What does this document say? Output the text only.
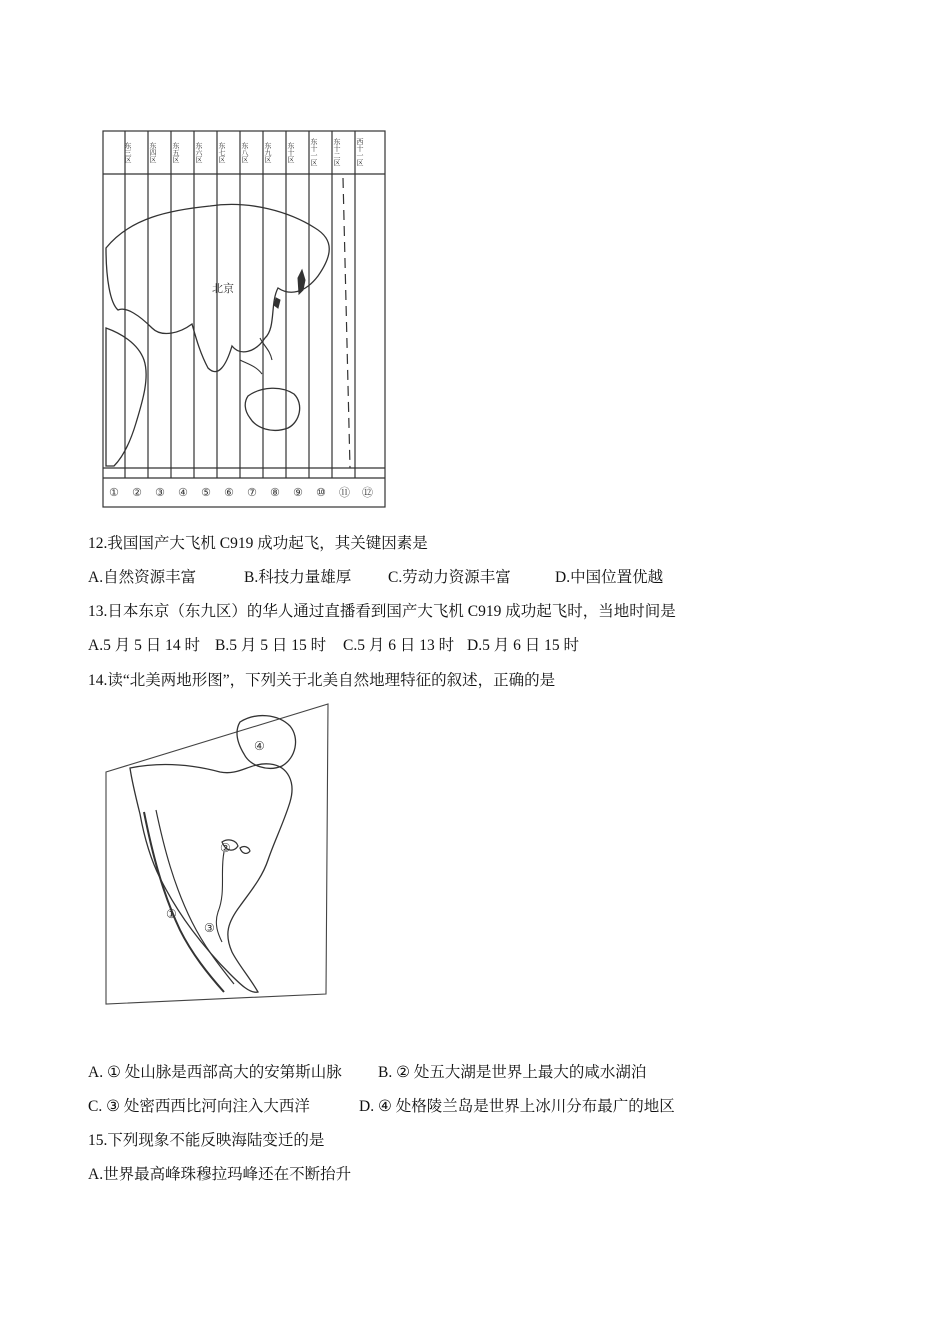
北京
东三区 东四区 东五区 东六区 东七区 东八区 东九区 东十区 东十一区 东十二区 西十一区
① ② ③ ④ ⑤ ⑥ ⑦ ⑧ ⑨ ⑩ ⑪ ⑫
12.我国国产大飞机 C919 成功起飞，其关键因素是
A.自然资源丰富	B.科技力量雄厚 C.劳动力资源丰富	D.中国位置优越
13.日本东京（东九区）的华人通过直播看到国产大飞机 C919 成功起飞时，当地时间是
A.5 月 5 日 14 时 B.5 月 5 日 15 时 C.5 月 6 日 13 时 D.5 月 6 日 15 时
14.读“北美两地形图”，下列关于北美自然地理特征的叙述，正确的是
①
②
③
④
A. ① 处山脉是西部高大的安第斯山脉 B. ② 处五大湖是世界上最大的咸水湖泊
C. ③ 处密西西比河向注入大西洋	D. ④ 处格陵兰岛是世界上冰川分布最广的地区
15.下列现象不能反映海陆变迁的是
A.世界最高峰珠穆拉玛峰还在不断抬升
